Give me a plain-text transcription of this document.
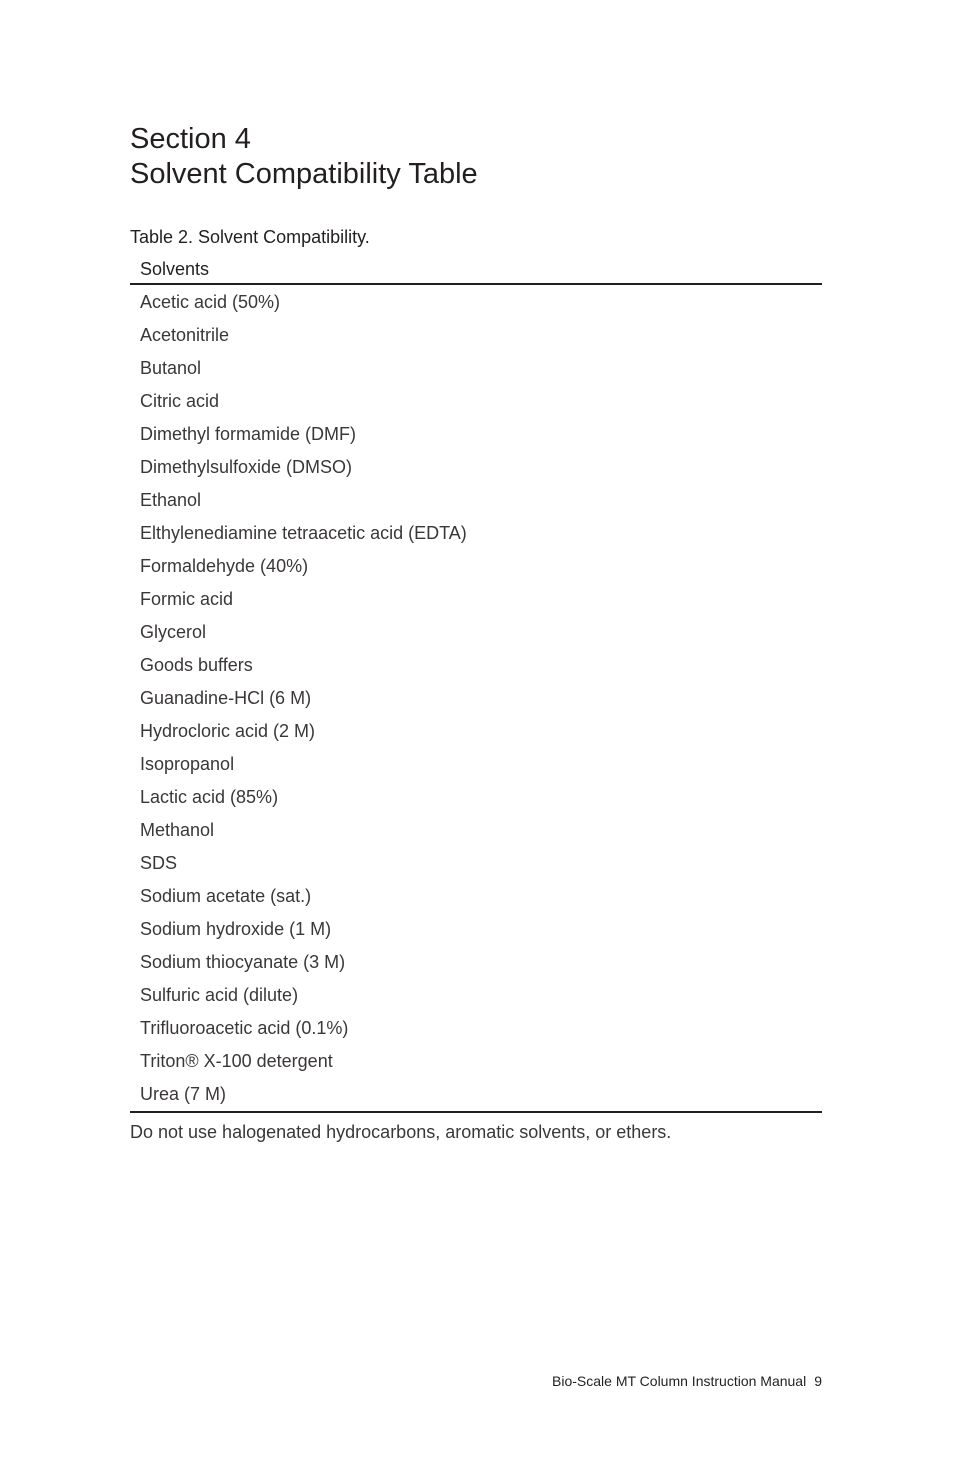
Section 4
Solvent Compatibility Table
Table 2. Solvent Compatibility.
Solvents
Acetic acid (50%)
Acetonitrile
Butanol
Citric acid
Dimethyl formamide (DMF)
Dimethylsulfoxide (DMSO)
Ethanol
Elthylenediamine tetraacetic acid (EDTA)
Formaldehyde (40%)
Formic acid
Glycerol
Goods buffers
Guanadine-HCl (6 M)
Hydrocloric acid (2 M)
Isopropanol
Lactic acid (85%)
Methanol
SDS
Sodium acetate (sat.)
Sodium hydroxide (1 M)
Sodium thiocyanate (3 M)
Sulfuric acid (dilute)
Trifluoroacetic acid (0.1%)
Triton® X-100 detergent
Urea (7 M)
Do not use halogenated hydrocarbons, aromatic solvents, or ethers.
Bio-Scale MT Column Instruction Manual 9
